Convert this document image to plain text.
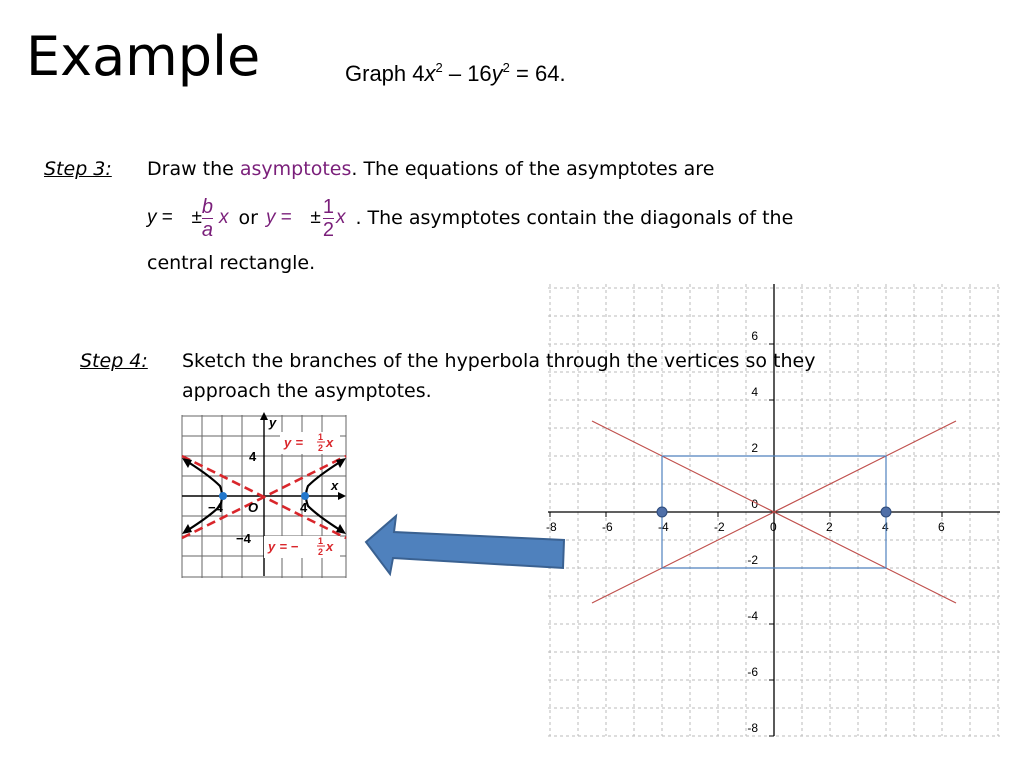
Example	Graph $4x^2 - 16y^2 = 64$.
Step 3: Draw the asymptotes. The equations of the asymptotes are
y = ± $\frac{b}{a}$ x or y = ± $\frac{1}{2}$ x . The asymptotes contain the diagonals of the
central rectangle.
-8	-6	-4	-2	0	2	4	6
6
4
2
0
-2
-4
-6
-8
Step 4: Sketch the branches of the hyperbola through the vertices so they
approach the asymptotes.
y
x
4
−4
O
−4	4
y = 1
2 x
y = − 1
2 x
